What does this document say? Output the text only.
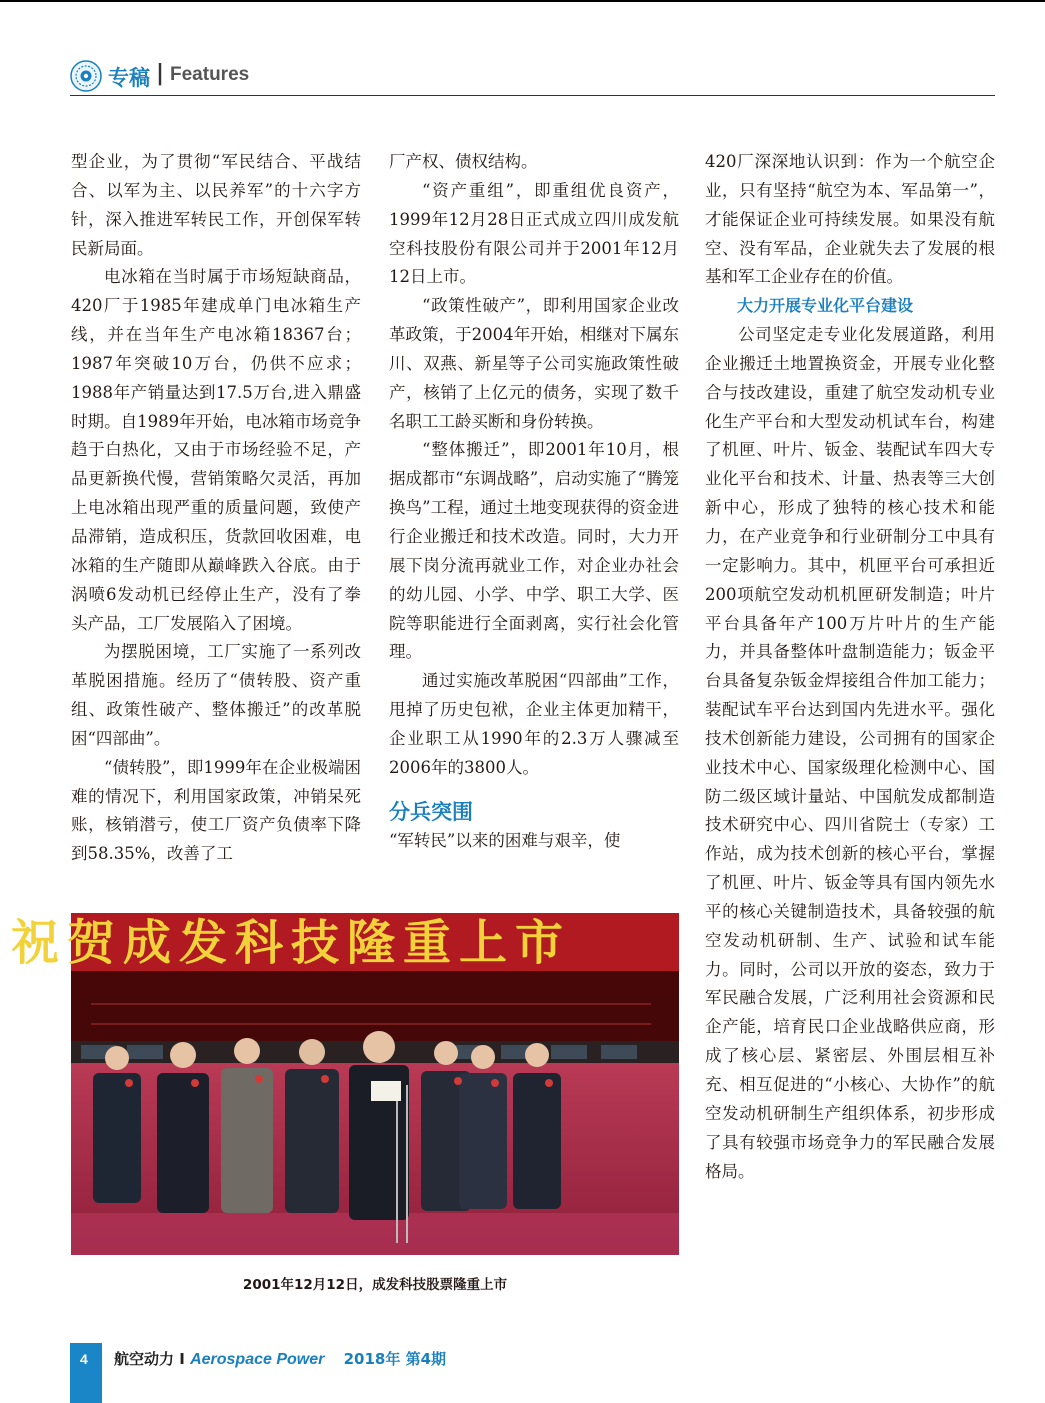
专稿 | Features

型企业，为了贯彻“军民结合、平战结合、以军为主、以民养军”的十六字方针，深入推进军转民工作，开创保军转民新局面。

电冰箱在当时属于市场短缺商品，420厂于1985年建成单门电冰箱生产线，并在当年生产电冰箱18367台；1987年突破10万台，仍供不应求；1988年产销量达到17.5万台,进入鼎盛时期。自1989年开始，电冰箱市场竞争趋于白热化，又由于市场经验不足，产品更新换代慢，营销策略欠灵活，再加上电冰箱出现严重的质量问题，致使产品滞销，造成积压，货款回收困难，电冰箱的生产随即从巅峰跌入谷底。由于涡喷6发动机已经停止生产，没有了拳头产品，工厂发展陷入了困境。

为摆脱困境，工厂实施了一系列改革脱困措施。经历了“债转股、资产重组、政策性破产、整体搬迁”的改革脱困“四部曲”。

“债转股”，即1999年在企业极端困难的情况下，利用国家政策，冲销呆死账，核销潜亏，使工厂资产负债率下降到58.35%，改善了工

厂产权、债权结构。

“资产重组”，即重组优良资产，1999年12月28日正式成立四川成发航空科技股份有限公司并于2001年12月12日上市。

“政策性破产”，即利用国家企业改革政策，于2004年开始，相继对下属东川、双燕、新星等子公司实施政策性破产，核销了上亿元的债务，实现了数千名职工工龄买断和身份转换。

“整体搬迁”，即2001年10月，根据成都市“东调战略”，启动实施了“腾笼换鸟”工程，通过土地变现获得的资金进行企业搬迁和技术改造。同时，大力开展下岗分流再就业工作，对企业办社会的幼儿园、小学、中学、职工大学、医院等职能进行全面剥离，实行社会化管理。

通过实施改革脱困“四部曲”工作，甩掉了历史包袱，企业主体更加精干，企业职工从1990年的2.3万人骤减至2006年的3800人。

分兵突围

“军转民”以来的困难与艰辛，使

420厂深深地认识到：作为一个航空企业，只有坚持“航空为本、军品第一”，才能保证企业可持续发展。如果没有航空、没有军品，企业就失去了发展的根基和军工企业存在的价值。

大力开展专业化平台建设

公司坚定走专业化发展道路，利用企业搬迁土地置换资金，开展专业化整合与技改建设，重建了航空发动机专业化生产平台和大型发动机试车台，构建了机匣、叶片、钣金、装配试车四大专业化平台和技术、计量、热表等三大创新中心，形成了独特的核心技术和能力，在产业竞争和行业研制分工中具有一定影响力。其中，机匣平台可承担近200项航空发动机机匣研发制造；叶片平台具备年产100万片叶片的生产能力，并具备整体叶盘制造能力；钣金平台具备复杂钣金焊接组合件加工能力；装配试车平台达到国内先进水平。强化技术创新能力建设，公司拥有的国家企业技术中心、国家级理化检测中心、国防二级区域计量站、中国航发成都制造技术研究中心、四川省院士（专家）工作站，成为技术创新的核心平台，掌握了机匣、叶片、钣金等具有国内领先水平的核心关键制造技术，具备较强的航空发动机研制、生产、试验和试车能力。同时，公司以开放的姿态，致力于军民融合发展，广泛利用社会资源和民企产能，培育民口企业战略供应商，形成了核心层、紧密层、外围层相互补充、相互促进的“小核心、大协作”的航空发动机研制生产组织体系，初步形成了具有较强市场竞争力的军民融合发展格局。

祝贺成发科技隆重上市
2001年12月12日，成发科技股票隆重上市
4 航空动力 I Aerospace Power 2018年 第4期
